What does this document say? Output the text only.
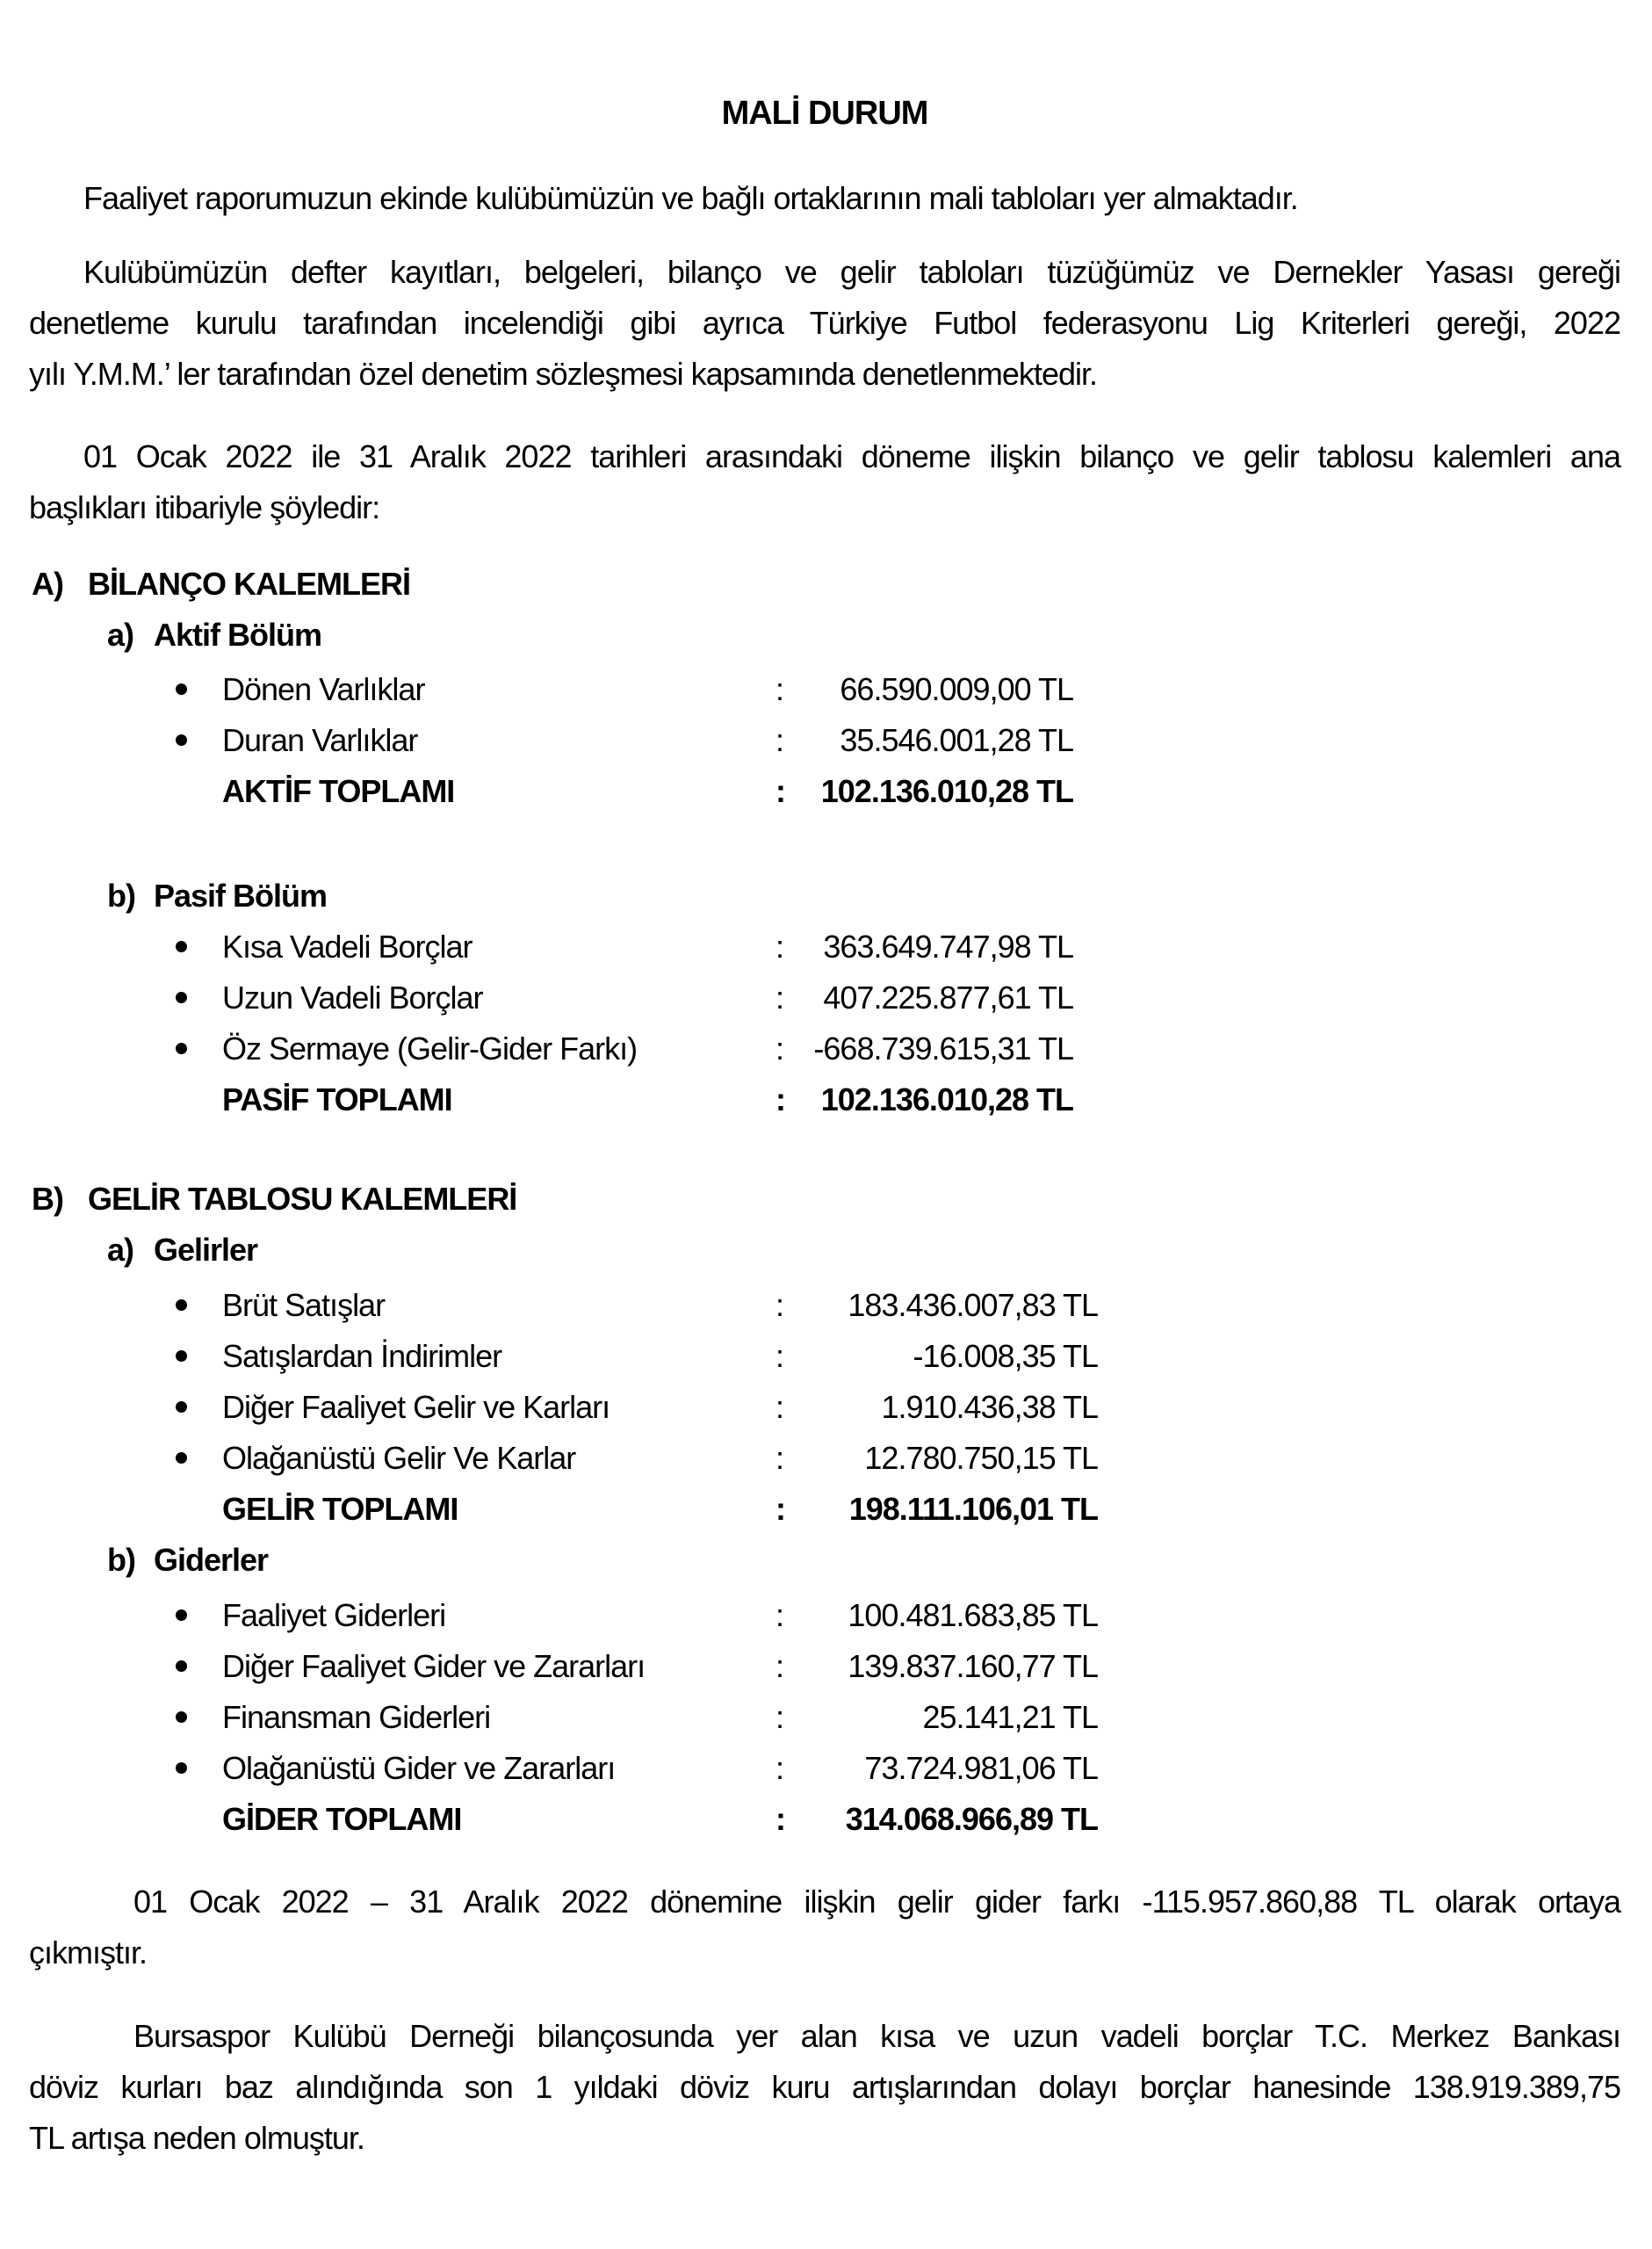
MALİ DURUM
Faaliyet raporumuzun ekinde kulübümüzün ve bağlı ortaklarının mali tabloları yer almaktadır.
Kulübümüzün defter kayıtları, belgeleri, bilanço ve gelir tabloları tüzüğümüz ve Dernekler Yasası gereği
denetleme kurulu tarafından incelendiği gibi ayrıca Türkiye Futbol federasyonu Lig Kriterleri gereği, 2022
yılı Y.M.M.’ ler tarafından özel denetim sözleşmesi kapsamında denetlenmektedir.
01 Ocak 2022 ile 31 Aralık 2022 tarihleri arasındaki döneme ilişkin bilanço ve gelir tablosu kalemleri ana
başlıkları itibariyle şöyledir:
A) BİLANÇO KALEMLERİ
a) Aktif Bölüm
Dönen Varlıklar	: 66.590.009,00 TL
Duran Varlıklar	: 35.546.001,28 TL
AKTİF TOPLAMI	: 102.136.010,28 TL
b) Pasif Bölüm
Kısa Vadeli Borçlar	: 363.649.747,98 TL
Uzun Vadeli Borçlar	: 407.225.877,61 TL
Öz Sermaye (Gelir-Gider Farkı)	: -668.739.615,31 TL
PASİF TOPLAMI	: 102.136.010,28 TL
B) GELİR TABLOSU KALEMLERİ
a) Gelirler
Brüt Satışlar	: 183.436.007,83 TL
Satışlardan İndirimler	:	-16.008,35 TL
Diğer Faaliyet Gelir ve Karları	:	1.910.436,38 TL
Olağanüstü Gelir Ve Karlar	:	12.780.750,15 TL
GELİR TOPLAMI	: 198.111.106,01 TL
b) Giderler
Faaliyet Giderleri	: 100.481.683,85 TL
Diğer Faaliyet Gider ve Zararları	: 139.837.160,77 TL
Finansman Giderleri	:	25.141,21 TL
Olağanüstü Gider ve Zararları	:	73.724.981,06 TL
GİDER TOPLAMI	: 314.068.966,89 TL
01 Ocak 2022 – 31 Aralık 2022 dönemine ilişkin gelir gider farkı -115.957.860,88 TL olarak ortaya
çıkmıştır.
Bursaspor Kulübü Derneği bilançosunda yer alan kısa ve uzun vadeli borçlar T.C. Merkez Bankası
döviz kurları baz alındığında son 1 yıldaki döviz kuru artışlarından dolayı borçlar hanesinde 138.919.389,75
TL artışa neden olmuştur.
